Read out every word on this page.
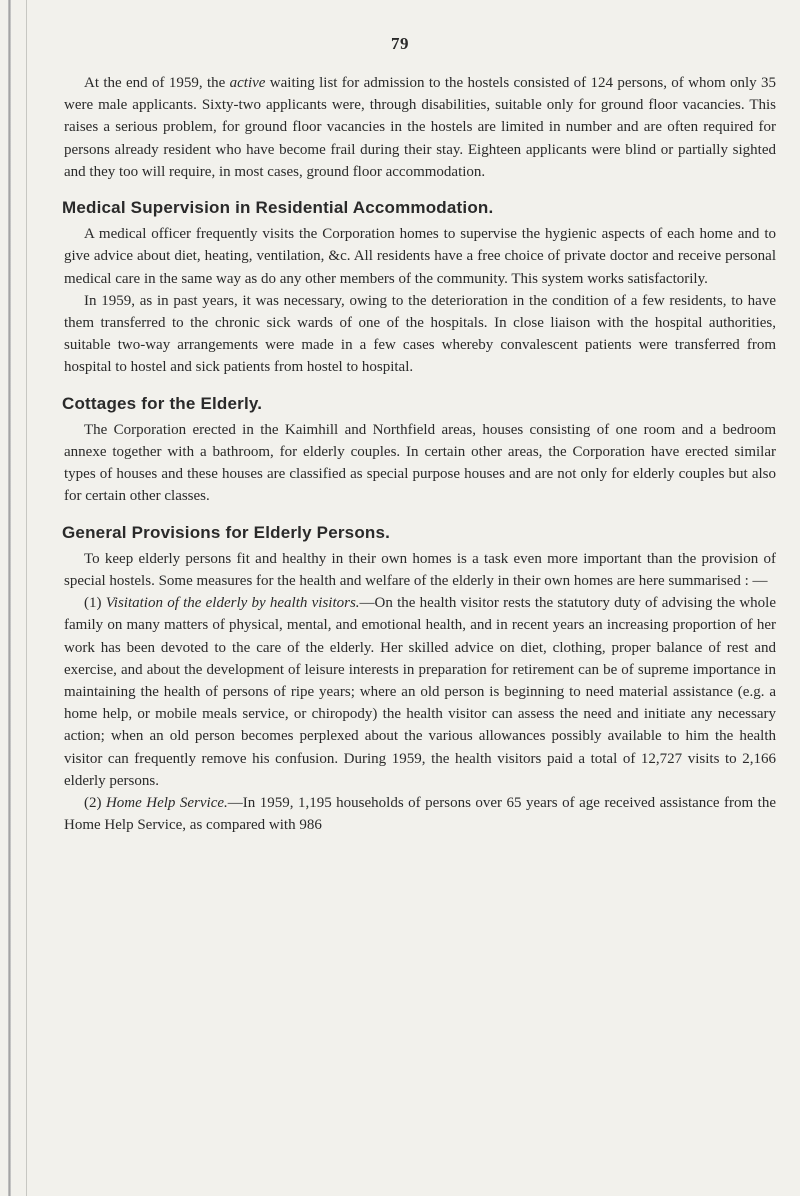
79

At the end of 1959, the active waiting list for admission to the hostels consisted of 124 persons, of whom only 35 were male applicants. Sixty-two applicants were, through disabilities, suitable only for ground floor vacancies. This raises a serious problem, for ground floor vacancies in the hostels are limited in number and are often required for persons already resident who have become frail during their stay. Eighteen applicants were blind or partially sighted and they too will require, in most cases, ground floor accommodation.

Medical Supervision in Residential Accommodation.

A medical officer frequently visits the Corporation homes to supervise the hygienic aspects of each home and to give advice about diet, heating, ventilation, &c. All residents have a free choice of private doctor and receive personal medical care in the same way as do any other members of the community. This system works satisfactorily.

In 1959, as in past years, it was necessary, owing to the deterioration in the condition of a few residents, to have them transferred to the chronic sick wards of one of the hospitals. In close liaison with the hospital authorities, suitable two-way arrangements were made in a few cases whereby convalescent patients were transferred from hospital to hostel and sick patients from hostel to hospital.

Cottages for the Elderly.

The Corporation erected in the Kaimhill and Northfield areas, houses consisting of one room and a bedroom annexe together with a bathroom, for elderly couples. In certain other areas, the Corporation have erected similar types of houses and these houses are classified as special purpose houses and are not only for elderly couples but also for certain other classes.

General Provisions for Elderly Persons.

To keep elderly persons fit and healthy in their own homes is a task even more important than the provision of special hostels. Some measures for the health and welfare of the elderly in their own homes are here summarised : —

(1) Visitation of the elderly by health visitors.—On the health visitor rests the statutory duty of advising the whole family on many matters of physical, mental, and emotional health, and in recent years an increasing proportion of her work has been devoted to the care of the elderly. Her skilled advice on diet, clothing, proper balance of rest and exercise, and about the development of leisure interests in preparation for retirement can be of supreme importance in maintaining the health of persons of ripe years; where an old person is beginning to need material assistance (e.g. a home help, or mobile meals service, or chiropody) the health visitor can assess the need and initiate any necessary action; when an old person becomes perplexed about the various allowances possibly available to him the health visitor can frequently remove his confusion. During 1959, the health visitors paid a total of 12,727 visits to 2,166 elderly persons.

(2) Home Help Service.—In 1959, 1,195 households of persons over 65 years of age received assistance from the Home Help Service, as compared with 986
